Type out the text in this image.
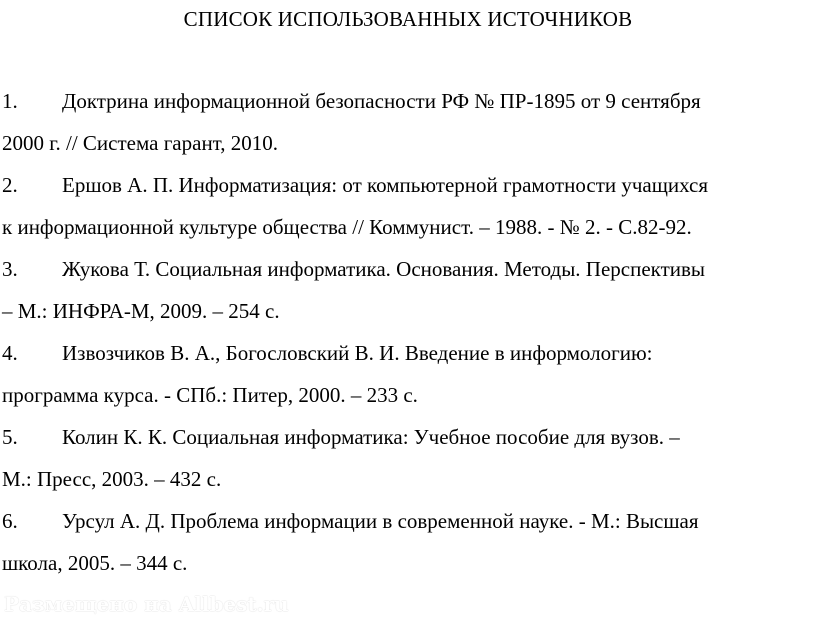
СПИСОК ИСПОЛЬЗОВАННЫХ ИСТОЧНИКОВ
1. Доктрина информационной безопасности РФ № ПР-1895 от 9 сентября
2000 г. // Система гарант, 2010.
2. Ершов А. П. Информатизация: от компьютерной грамотности учащихся
к информационной культуре общества // Коммунист. – 1988. - № 2. - С.82-92.
3. Жукова Т. Социальная информатика. Основания. Методы. Перспективы
– М.: ИНФРА-М, 2009. – 254 с.
4. Извозчиков В. А., Богословский В. И. Введение в информологию:
программа курса. - СПб.: Питер, 2000. – 233 с.
5. Колин К. К. Социальная информатика: Учебное пособие для вузов. –
М.: Пресс, 2003. – 432 с.
6. Урсул А. Д. Проблема информации в современной науке. - М.: Высшая
школа, 2005. – 344 с.
Размещено на Allbest.ru
